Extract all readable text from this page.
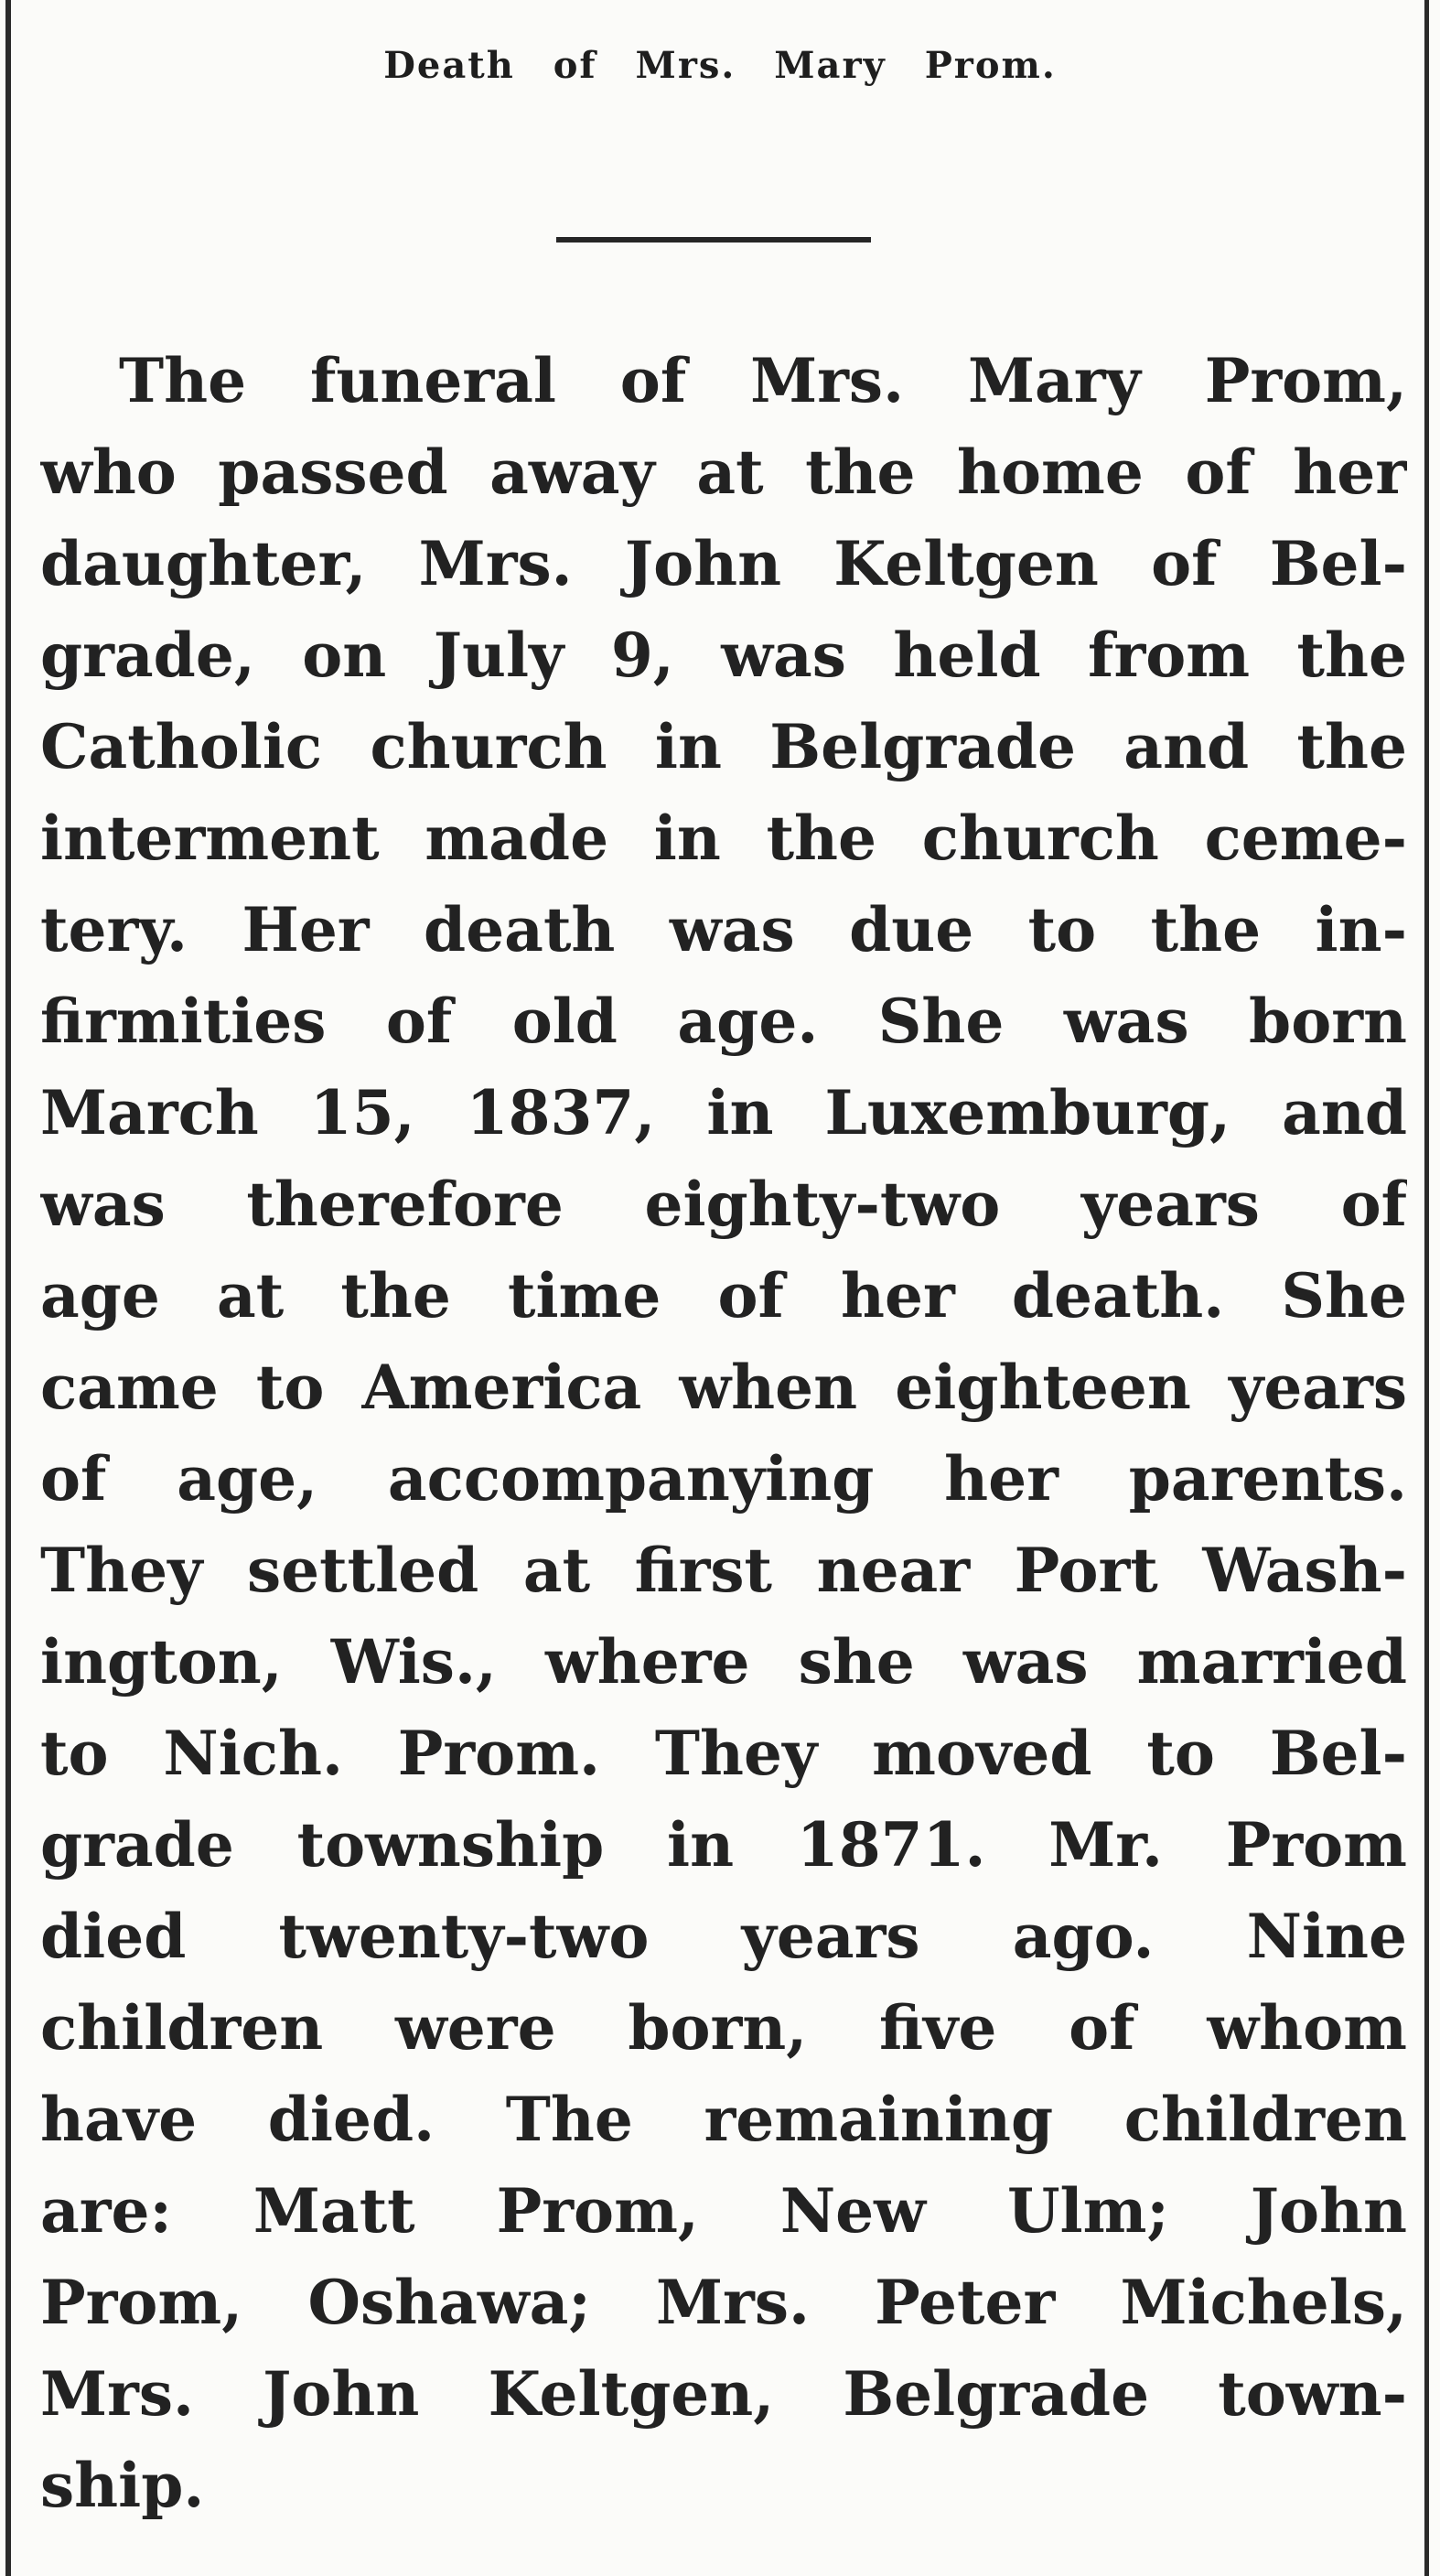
Death of Mrs. Mary Prom.
The funeral of Mrs. Mary Prom,
who passed away at the home of her
daughter, Mrs. John Keltgen of Bel-
grade, on July 9, was held from the
Catholic church in Belgrade and the
interment made in the church ceme-
tery. Her death was due to the in-
firmities of old age. She was born
March 15, 1837, in Luxemburg, and
was therefore eighty-two years of
age at the time of her death. She
came to America when eighteen years
of age, accompanying her parents.
They settled at first near Port Wash-
ington, Wis., where she was married
to Nich. Prom. They moved to Bel-
grade township in 1871. Mr. Prom
died twenty-two years ago. Nine
children were born, five of whom
have died. The remaining children
are: Matt Prom, New Ulm; John
Prom, Oshawa; Mrs. Peter Michels,
Mrs. John Keltgen, Belgrade town-
ship.
